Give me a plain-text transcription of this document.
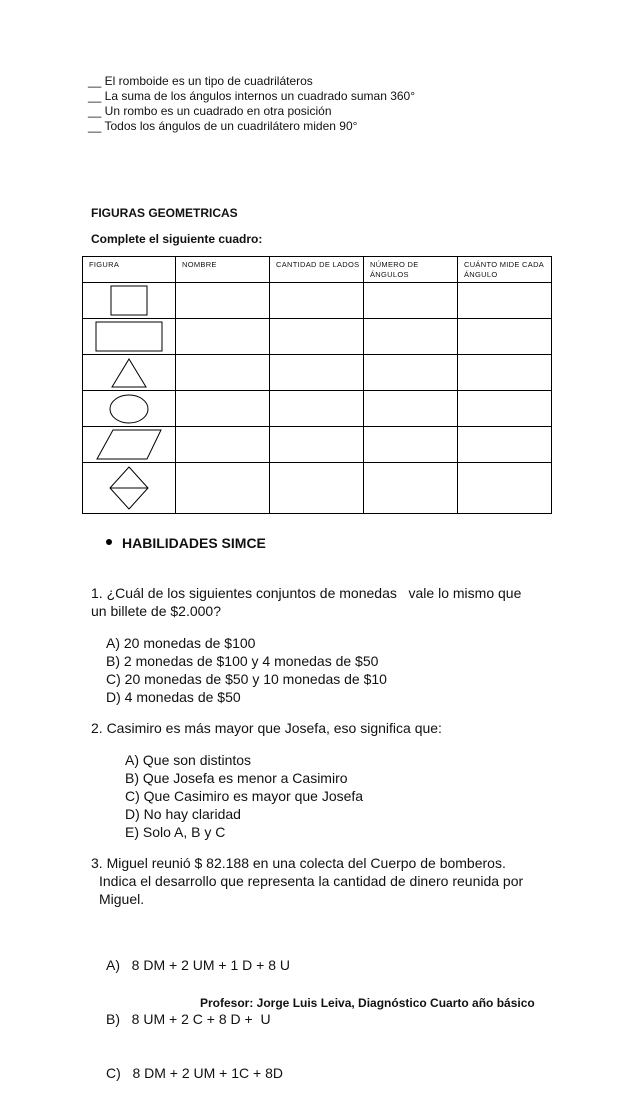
__ El romboide es un tipo de cuadriláteros
__ La suma de los ángulos internos un cuadrado suman 360°
__ Un rombo es un cuadrado en otra posición
__ Todos los ángulos de un cuadrilátero miden 90°
FIGURAS GEOMETRICAS
Complete el siguiente cuadro:
FIGURA	NOMBRE	CANTIDAD DE LADOS	NÚMERO DE ÁNGULOS	CUÁNTO MIDE CADA ÁNGULO

HABILIDADES SIMCE
1. ¿Cuál de los siguientes conjuntos de monedas   vale lo mismo que
un billete de $2.000?
A) 20 monedas de $100
B) 2 monedas de $100 y 4 monedas de $50
C) 20 monedas de $50 y 10 monedas de $10
D) 4 monedas de $50
2. Casimiro es más mayor que Josefa, eso significa que:
A) Que son distintos
B) Que Josefa es menor a Casimiro
C) Que Casimiro es mayor que Josefa
D) No hay claridad
E) Solo A, B y C
3. Miguel reunió $ 82.188 en una colecta del Cuerpo de bomberos.
Indica el desarrollo que representa la cantidad de dinero reunida por
Miguel.

A)   8 DM + 2 UM + 1 D + 8 U

B)   8 UM + 2 C + 8 D +  U

C)   8 DM + 2 UM + 1C + 8D

Profesor: Jorge Luis Leiva, Diagnóstico Cuarto año básico
